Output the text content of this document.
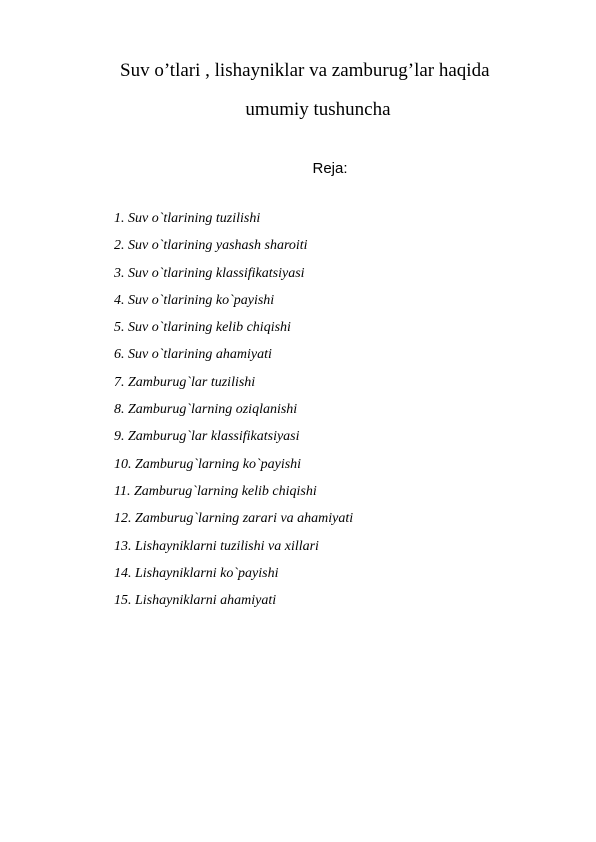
Suv o’tlari , lishayniklar va zamburug’lar haqida
umumiy tushuncha
Reja:
1. Suv o`tlarining tuzilishi
2. Suv o`tlarining yashash sharoiti
3. Suv o`tlarining klassifikatsiyasi
4. Suv o`tlarining ko`payishi
5. Suv o`tlarining kelib chiqishi
6. Suv o`tlarining ahamiyati
7. Zamburug`lar tuzilishi
8. Zamburug`larning oziqlanishi
9. Zamburug`lar klassifikatsiyasi
10. Zamburug`larning ko`payishi
11. Zamburug`larning kelib chiqishi
12. Zamburug`larning zarari va ahamiyati
13. Lishayniklarni tuzilishi va xillari
14. Lishayniklarni ko`payishi
15. Lishayniklarni ahamiyati
